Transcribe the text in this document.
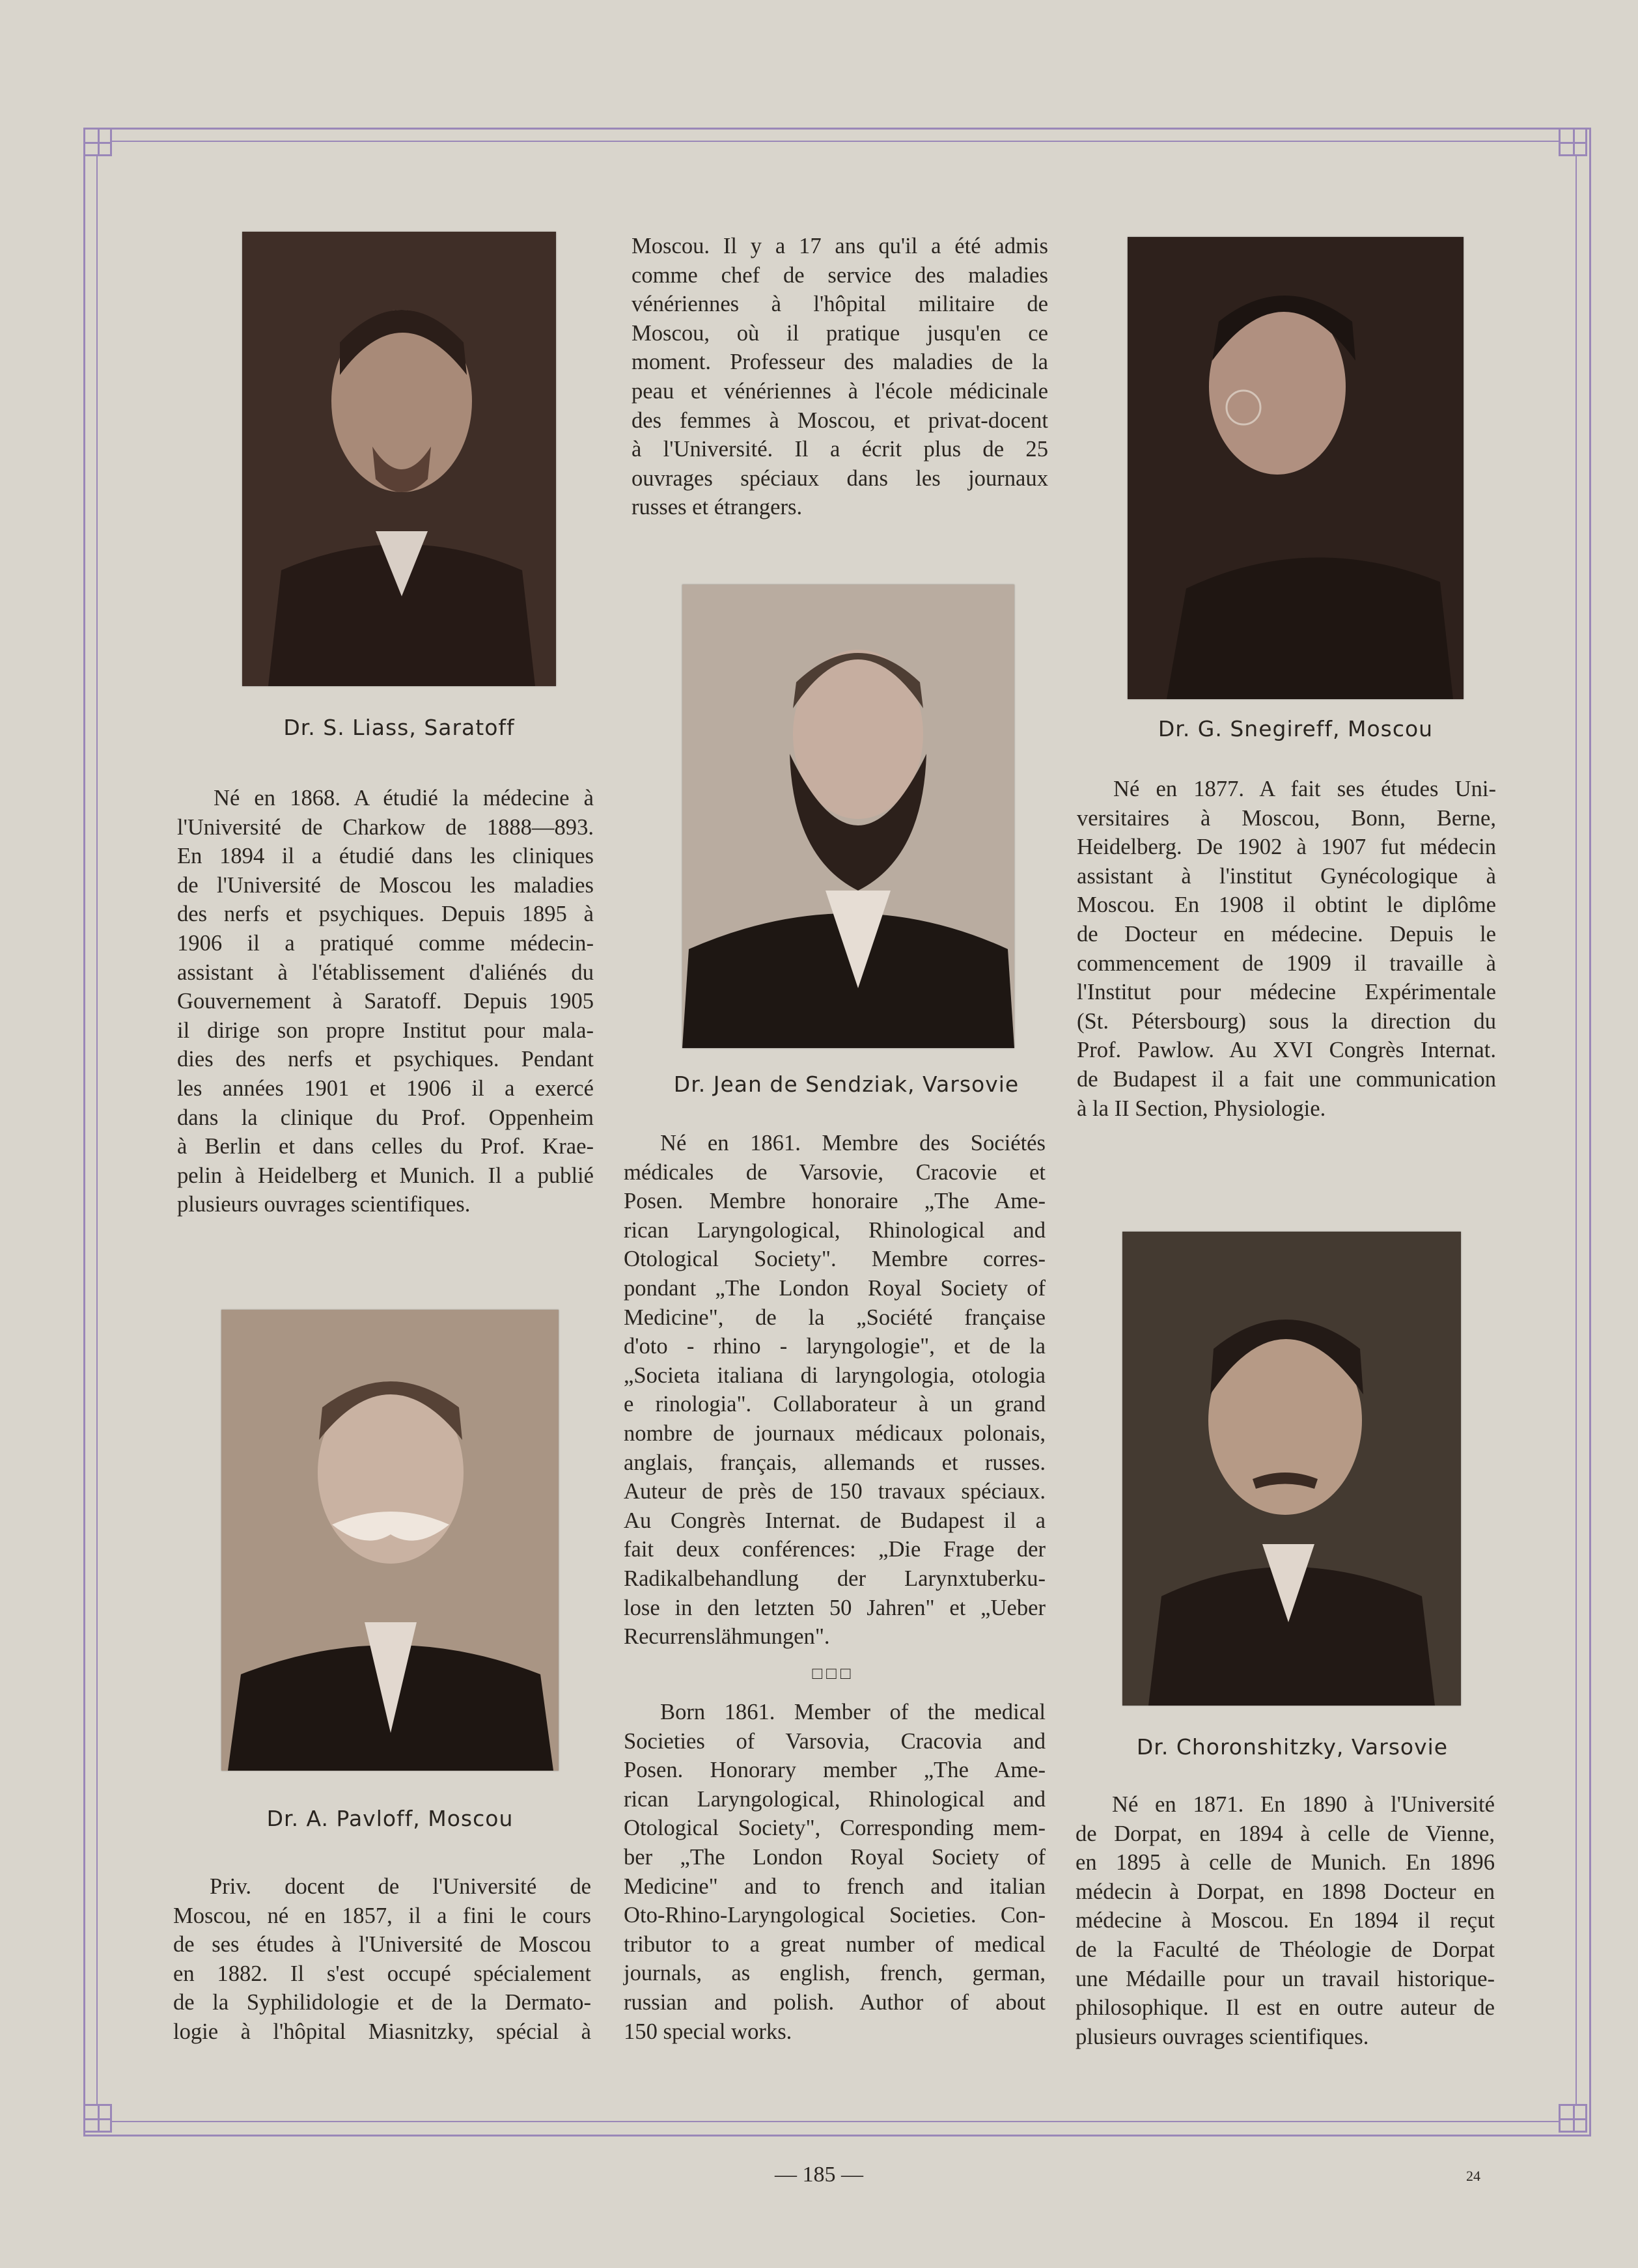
Dr. S. Liass, Saratoff
Né en 1868. A étudié la médecine à
l'Université de Charkow de 1888—893.
En 1894 il a étudié dans les cliniques
de l'Université de Moscou les maladies
des nerfs et psychiques. Depuis 1895 à
1906 il a pratiqué comme médecin-
assistant à l'établissement d'aliénés du
Gouvernement à Saratoff. Depuis 1905
il dirige son propre Institut pour mala-
dies des nerfs et psychiques. Pendant
les années 1901 et 1906 il a exercé
dans la clinique du Prof. Oppenheim
à Berlin et dans celles du Prof. Krae-
pelin à Heidelberg et Munich. Il a publié
plusieurs ouvrages scientifiques.
Dr. A. Pavloff, Moscou
Priv. docent de l'Université de
Moscou, né en 1857, il a fini le cours
de ses études à l'Université de Moscou
en 1882. Il s'est occupé spécialement
de la Syphilidologie et de la Dermato-
logie à l'hôpital Miasnitzky, spécial à
Moscou. Il y a 17 ans qu'il a été admis
comme chef de service des maladies
vénériennes à l'hôpital militaire de
Moscou, où il pratique jusqu'en ce
moment. Professeur des maladies de la
peau et vénériennes à l'école médicinale
des femmes à Moscou, et privat-docent
à l'Université. Il a écrit plus de 25
ouvrages spéciaux dans les journaux
russes et étrangers.
Dr. Jean de Sendziak, Varsovie
Né en 1861. Membre des Sociétés
médicales de Varsovie, Cracovie et
Posen. Membre honoraire „The Ame-
rican Laryngological, Rhinological and
Otological Society". Membre corres-
pondant „The London Royal Society of
Medicine", de la „Société française
d'oto - rhino - laryngologie", et de la
„Societa italiana di laryngologia, otologia
e rinologia". Collaborateur à un grand
nombre de journaux médicaux polonais,
anglais, français, allemands et russes.
Auteur de près de 150 travaux spéciaux.
Au Congrès Internat. de Budapest il a
fait deux conférences: „Die Frage der
Radikalbehandlung der Larynxtuberku-
lose in den letzten 50 Jahren" et „Ueber
Recurrenslähmungen".
□□□
Born 1861. Member of the medical
Societies of Varsovia, Cracovia and
Posen. Honorary member „The Ame-
rican Laryngological, Rhinological and
Otological Society", Corresponding mem-
ber „The London Royal Society of
Medicine" and to french and italian
Oto-Rhino-Laryngological Societies. Con-
tributor to a great number of medical
journals, as english, french, german,
russian and polish. Author of about
150 special works.
Dr. G. Snegireff, Moscou
Né en 1877. A fait ses études Uni-
versitaires à Moscou, Bonn, Berne,
Heidelberg. De 1902 à 1907 fut médecin
assistant à l'institut Gynécologique à
Moscou. En 1908 il obtint le diplôme
de Docteur en médecine. Depuis le
commencement de 1909 il travaille à
l'Institut pour médecine Expérimentale
(St. Pétersbourg) sous la direction du
Prof. Pawlow. Au XVI Congrès Internat.
de Budapest il a fait une communication
à la II Section, Physiologie.
Dr. Choronshitzky, Varsovie
Né en 1871. En 1890 à l'Université
de Dorpat, en 1894 à celle de Vienne,
en 1895 à celle de Munich. En 1896
médecin à Dorpat, en 1898 Docteur en
médecine à Moscou. En 1894 il reçut
de la Faculté de Théologie de Dorpat
une Médaille pour un travail historique-
philosophique. Il est en outre auteur de
plusieurs ouvrages scientifiques.
— 185 —	24
